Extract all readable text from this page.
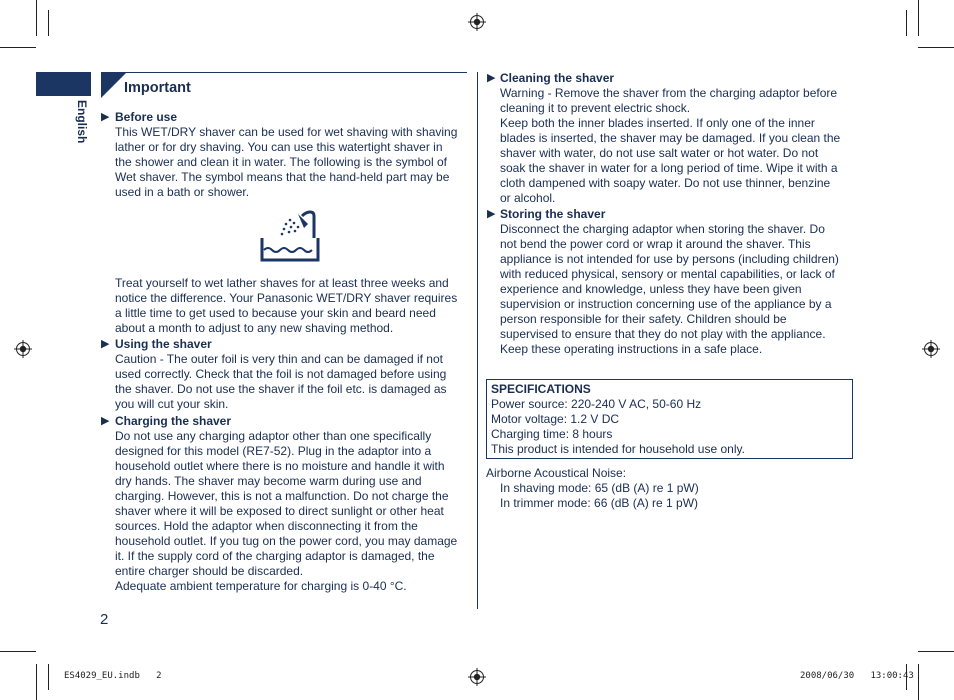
English
Important
▶ Before use
This WET/DRY shaver can be used for wet shaving with shaving
lather or for dry shaving. You can use this watertight shaver in
the shower and clean it in water. The following is the symbol of
Wet shaver. The symbol means that the hand-held part may be
used in a bath or shower.
Treat yourself to wet lather shaves for at least three weeks and
notice the difference. Your Panasonic WET/DRY shaver requires
a little time to get used to because your skin and beard need
about a month to adjust to any new shaving method.
▶ Using the shaver
Caution - The outer foil is very thin and can be damaged if not
used correctly. Check that the foil is not damaged before using
the shaver. Do not use the shaver if the foil etc. is damaged as
you will cut your skin.
▶ Charging the shaver
Do not use any charging adaptor other than one specifically
designed for this model (RE7-52). Plug in the adaptor into a
household outlet where there is no moisture and handle it with
dry hands. The shaver may become warm during use and
charging. However, this is not a malfunction. Do not charge the
shaver where it will be exposed to direct sunlight or other heat
sources. Hold the adaptor when disconnecting it from the
household outlet. If you tug on the power cord, you may damage
it. If the supply cord of the charging adaptor is damaged, the
entire charger should be discarded.
Adequate ambient temperature for charging is 0-40 °C.
▶ Cleaning the shaver
Warning - Remove the shaver from the charging adaptor before
cleaning it to prevent electric shock.
Keep both the inner blades inserted. If only one of the inner
blades is inserted, the shaver may be damaged. If you clean the
shaver with water, do not use salt water or hot water. Do not
soak the shaver in water for a long period of time. Wipe it with a
cloth dampened with soapy water. Do not use thinner, benzine
or alcohol.
▶ Storing the shaver
Disconnect the charging adaptor when storing the shaver. Do
not bend the power cord or wrap it around the shaver. This
appliance is not intended for use by persons (including children)
with reduced physical, sensory or mental capabilities, or lack of
experience and knowledge, unless they have been given
supervision or instruction concerning use of the appliance by a
person responsible for their safety. Children should be
supervised to ensure that they do not play with the appliance.
Keep these operating instructions in a safe place.
SPECIFICATIONS
Power source: 220-240 V AC, 50-60 Hz
Motor voltage: 1.2 V DC
Charging time: 8 hours
This product is intended for household use only.
Airborne Acoustical Noise:
In shaving mode: 65 (dB (A) re 1 pW)
In trimmer mode: 66 (dB (A) re 1 pW)
2
ES4029_EU.indb   2	2008/06/30   13:00:43
